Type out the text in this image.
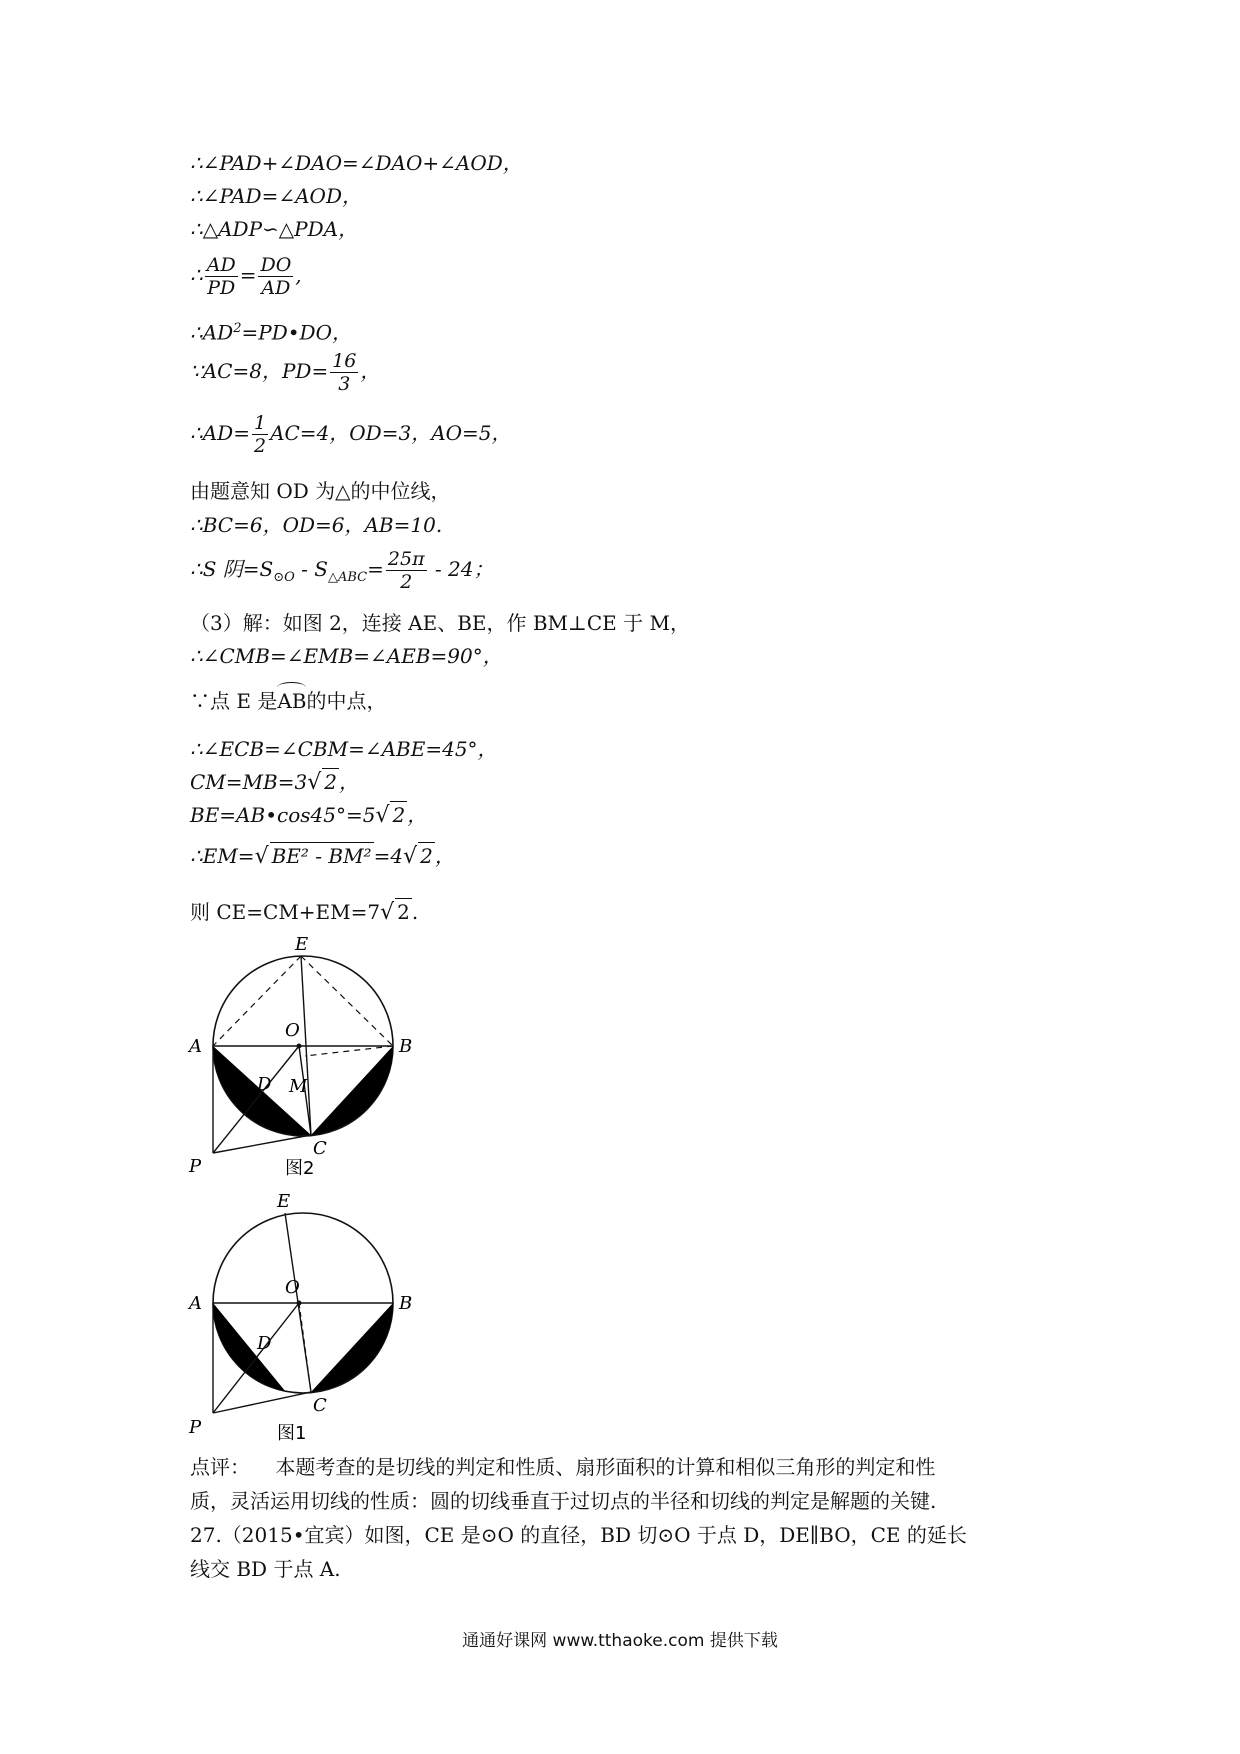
∴∠PAD+∠DAO=∠DAO+∠AOD，
∴∠PAD=∠AOD，
∴△ADP∽△PDA，
∴ $\frac{AD}{PD} = \frac{DO}{AD}$ ,
$\therefore AD^2=PD•DO$，
∵AC=8，$PD= \frac{16}{3}$ ，
∴AD= $\frac{1}{2} AC=4$，OD=3，AO=5，
由题意知 OD 为△的中位线，
∴BC=6，OD=6，AB=10.
∴S 阴$=S_{⊙O} - S_{\triangle ABC}= \frac{25\pi}{2} - 24$；
（3）解：如图 2，连接 AE、BE，作 BM⊥CE 于 M，
∴∠CMB=∠EMB=∠AEB=90°，
∵点 E 是AB的中点，
∴∠ECB=∠CBM=∠ABE=45°，
CM=MB=3√ 2 ，
BE=AB•cos45°=5√ 2 ，
∴EM=√ BE² - BM² =4√ 2 ，
则 CE=CM+EM=7√ 2 .
E
O
A	B
D M
C
P	图2
E
O
A	B
D
C
P	图1
点评： 本题考查的是切线的判定和性质、扇形面积的计算和相似三角形的判定和性
质，灵活运用切线的性质：圆的切线垂直于过切点的半径和切线的判定是解题的关键.
27.（2015•宜宾）如图，CE 是⊙O 的直径，BD 切⊙O 于点 D，DE∥BO，CE 的延长
线交 BD 于点 A.
通通好课网 www.tthaoke.com 提供下载
